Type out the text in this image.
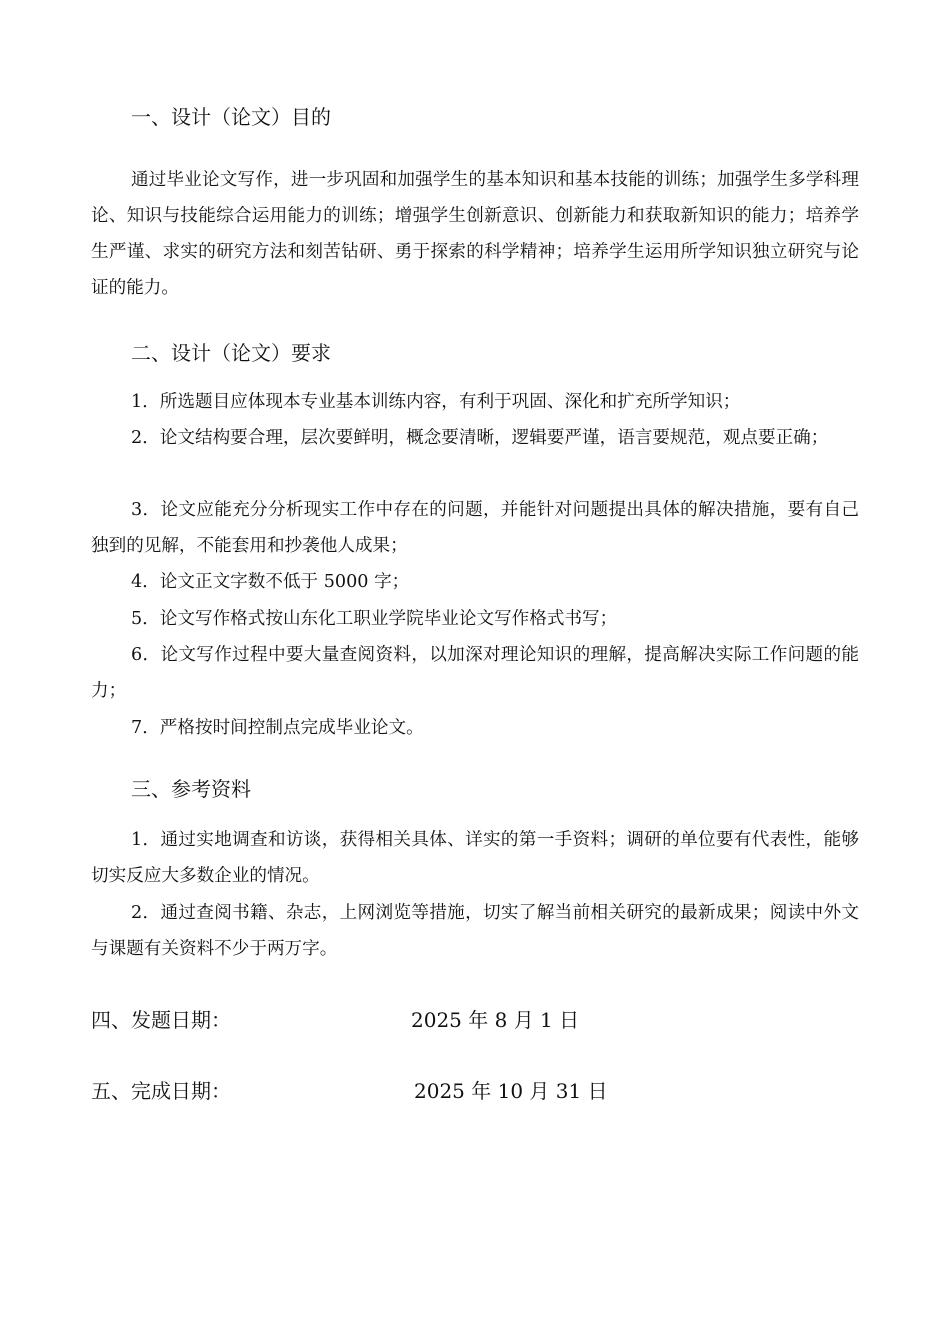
一、设计（论文）目的
通过毕业论文写作，进一步巩固和加强学生的基本知识和基本技能的训练；加强学生多学科理论、知识与技能综合运用能力的训练；增强学生创新意识、创新能力和获取新知识的能力；培养学生严谨、求实的研究方法和刻苦钻研、勇于探索的科学精神；培养学生运用所学知识独立研究与论证的能力。
二、设计（论文）要求
1．所选题目应体现本专业基本训练内容，有利于巩固、深化和扩充所学知识；
2．论文结构要合理，层次要鲜明，概念要清晰，逻辑要严谨，语言要规范，观点要正确；
3．论文应能充分分析现实工作中存在的问题，并能针对问题提出具体的解决措施，要有自己独到的见解，不能套用和抄袭他人成果；
4．论文正文字数不低于 5000 字；
5．论文写作格式按山东化工职业学院毕业论文写作格式书写；
6．论文写作过程中要大量查阅资料，以加深对理论知识的理解，提高解决实际工作问题的能力；
7．严格按时间控制点完成毕业论文。
三、参考资料
1．通过实地调查和访谈，获得相关具体、详实的第一手资料；调研的单位要有代表性，能够切实反应大多数企业的情况。
2．通过查阅书籍、杂志，上网浏览等措施，切实了解当前相关研究的最新成果；阅读中外文与课题有关资料不少于两万字。
四、发题日期：	2025 年 8 月 1 日
五、完成日期：	2025 年 10 月 31 日
